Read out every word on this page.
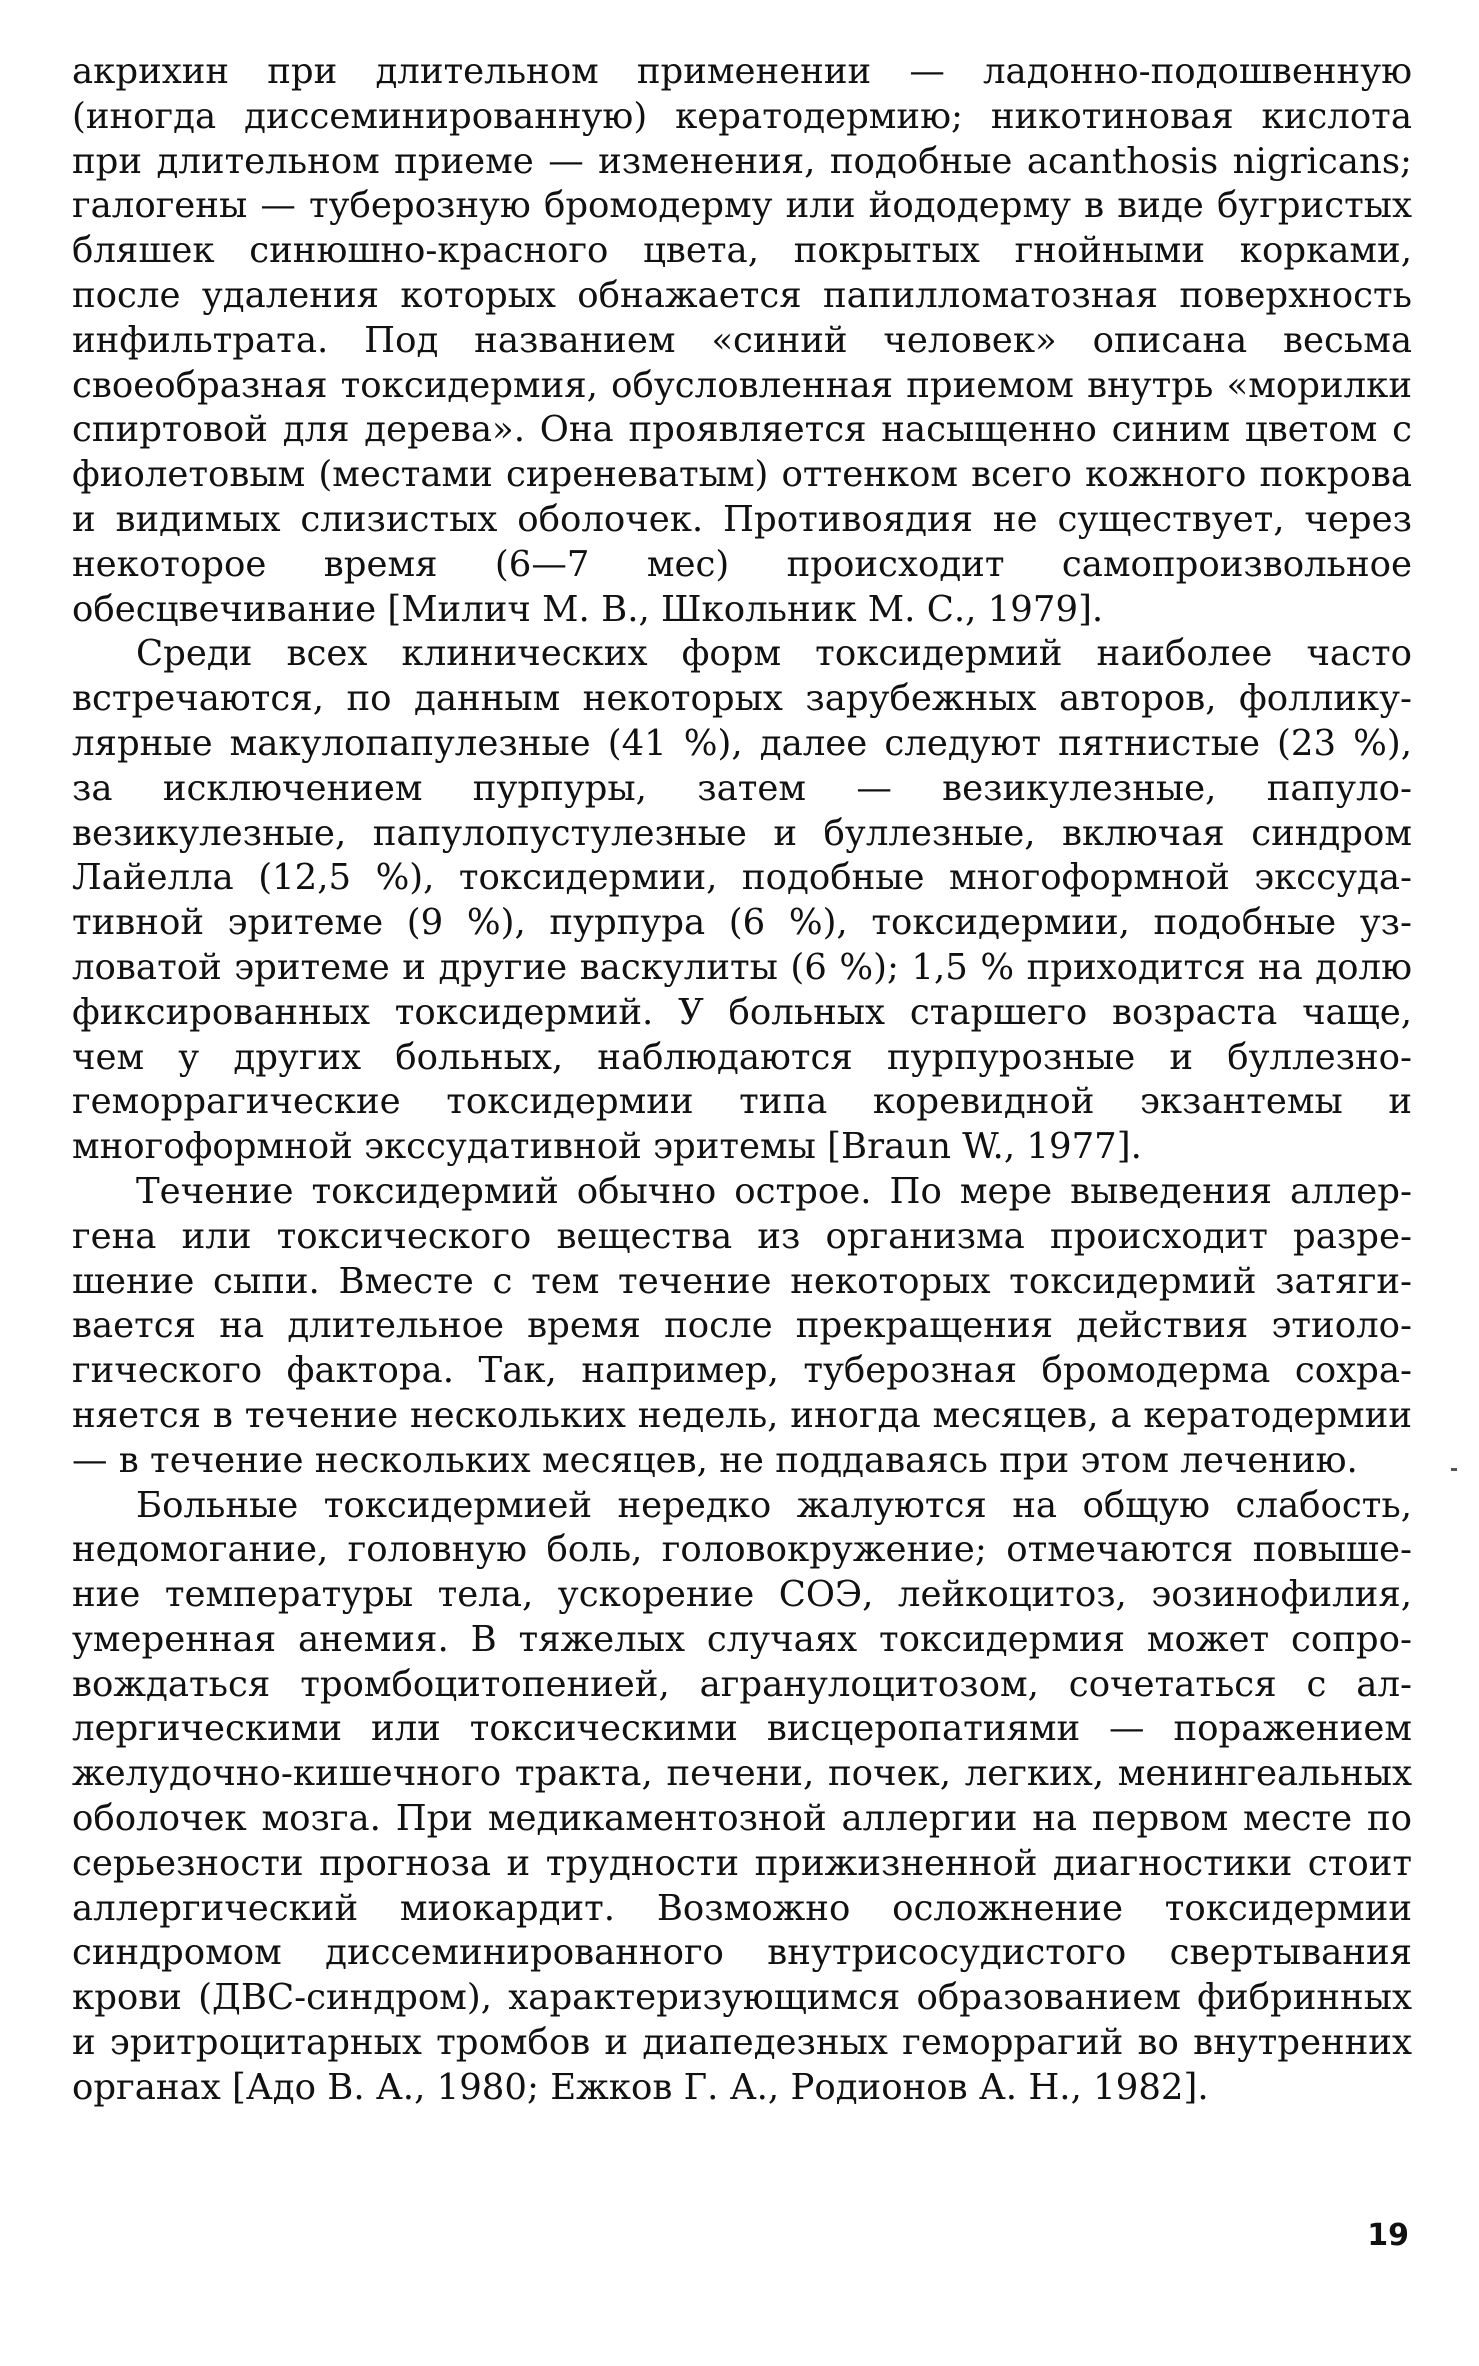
акрихин при длительном применении — ладонно-подошвенную (иногда диссеминированную) кератодермию; никотиновая кислота при длительном приеме — изменения, подобные acanthosis nigricans; галогены — туберозную бромодерму или йододерму в виде бугристых бляшек синюшно-красного цвета, покрытых гнойными корками, после удаления которых обнажается папилломатозная поверхность инфильтрата. Под названием «синий человек» описана весьма своеобразная токсидермия, обусловленная приемом внутрь «морилки спиртовой для дерева». Она проявляется насыщенно синим цветом с фиолетовым (местами сиреневатым) оттенком всего кожного покрова и видимых слизистых оболочек. Противоядия не существует, через некоторое время (6—7 мес) происходит самопроизвольное обесцвечивание [Милич М. В., Школьник М. С., 1979].

Среди всех клинических форм токсидермий наиболее часто встречаются, по данным некоторых зарубежных авторов, фолликулярные макулопапулезные (41 %), далее следуют пятнистые (23 %), за исключением пурпуры, затем — везикулезные, папуловезикулезные, папулопустулезные и буллезные, включая синдром Лайелла (12,5 %), токсидермии, подобные многоформной экссудативной эритеме (9 %), пурпура (6 %), токсидермии, подобные узловатой эритеме и другие васкулиты (6 %); 1,5 % приходится на долю фиксированных токсидермий. У больных старшего возраста чаще, чем у других больных, наблюдаются пурпурозные и буллезно-геморрагические токсидермии типа коревидной экзантемы и многоформной экссудативной эритемы [Braun W., 1977].

Течение токсидермий обычно острое. По мере выведения аллергена или токсического вещества из организма происходит разрешение сыпи. Вместе с тем течение некоторых токсидермий затягивается на длительное время после прекращения действия этиологического фактора. Так, например, туберозная бромодерма сохраняется в течение нескольких недель, иногда месяцев, а кератодермии — в течение нескольких месяцев, не поддаваясь при этом лечению.

Больные токсидермией нередко жалуются на общую слабость, недомогание, головную боль, головокружение; отмечаются повышение температуры тела, ускорение СОЭ, лейкоцитоз, эозинофилия, умеренная анемия. В тяжелых случаях токсидермия может сопровождаться тромбоцитопенией, агранулоцитозом, сочетаться с аллергическими или токсическими висцеропатиями — поражением желудочно-кишечного тракта, печени, почек, легких, менингеальных оболочек мозга. При медикаментозной аллергии на первом месте по серьезности прогноза и трудности прижизненной диагностики стоит аллергический миокардит. Возможно осложнение токсидермии синдромом диссеминированного внутрисосудистого свертывания крови (ДВС-синдром), характеризующимся образованием фибринных и эритроцитарных тромбов и диапедезных геморрагий во внутренних органах [Адо В. А., 1980; Ежков Г. А., Родионов А. Н., 1982].

19
